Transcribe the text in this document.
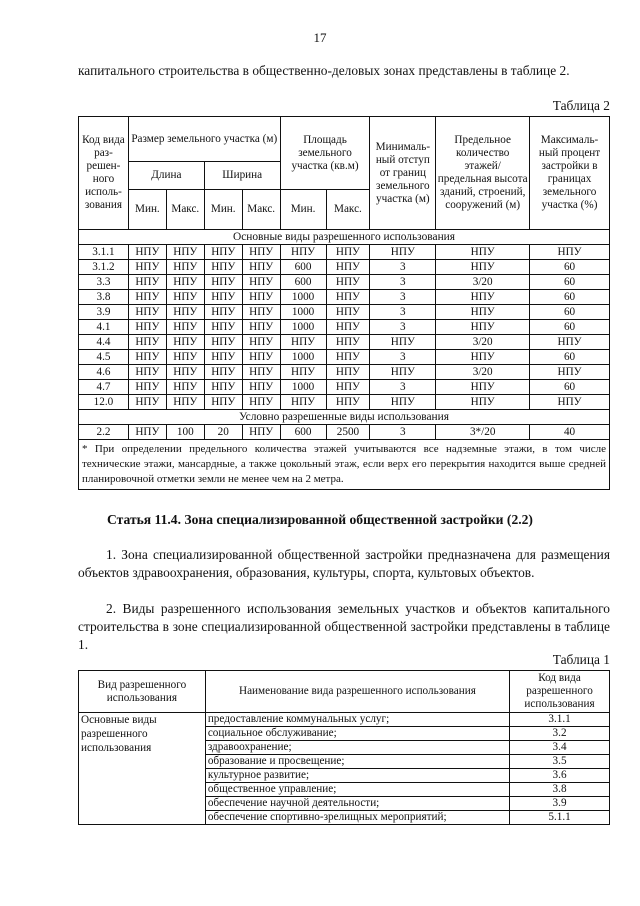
17

капитального строительства в общественно-деловых зонах представлены в таблице 2.

Таблица 2
Код вида раз-решен-ного исполь-зования	Размер земельного участка (м)				Площадь земельного участка (кв.м)		Минималь-ный отступ от границ земельного участка (м)	Предельное количество этажей/ предельная высота зданий, строений, сооружений (м)	Максималь-ный процент застройки в границах земельного участка (%)
	Длина		Ширина						
	Мин.	Макс.	Мин.	Макс.	Мин.	Макс.			
Основные виды разрешенного использования									
3.1.1	НПУ	НПУ	НПУ	НПУ	НПУ	НПУ	НПУ	НПУ	НПУ
3.1.2	НПУ	НПУ	НПУ	НПУ	600	НПУ	3	НПУ	60
3.3	НПУ	НПУ	НПУ	НПУ	600	НПУ	3	3/20	60
3.8	НПУ	НПУ	НПУ	НПУ	1000	НПУ	3	НПУ	60
3.9	НПУ	НПУ	НПУ	НПУ	1000	НПУ	3	НПУ	60
4.1	НПУ	НПУ	НПУ	НПУ	1000	НПУ	3	НПУ	60
4.4	НПУ	НПУ	НПУ	НПУ	НПУ	НПУ	НПУ	3/20	НПУ
4.5	НПУ	НПУ	НПУ	НПУ	1000	НПУ	3	НПУ	60
4.6	НПУ	НПУ	НПУ	НПУ	НПУ	НПУ	НПУ	3/20	НПУ
4.7	НПУ	НПУ	НПУ	НПУ	1000	НПУ	3	НПУ	60
12.0	НПУ	НПУ	НПУ	НПУ	НПУ	НПУ	НПУ	НПУ	НПУ
Условно разрешенные виды использования									
2.2	НПУ	100	20	НПУ	600	2500	3	3*/20	40
* При определении предельного количества этажей учитываются все надземные этажи, в том числе технические этажи, мансардные, а также цокольный этаж, если верх его перекрытия находится выше средней планировочной отметки земли не менее чем на 2 метра.									
Статья 11.4. Зона специализированной общественной застройки (2.2)

1. Зона специализированной общественной застройки предназначена для размещения объектов здравоохранения, образования, культуры, спорта, культовых объектов.

2. Виды разрешенного использования земельных участков и объектов капитального строительства в зоне специализированной общественной застройки представлены в таблице 1.

Таблица 1
Вид разрешенного использования	Наименование вида разрешенного использования	Код вида разрешенного использования
Основные виды разрешенного использования	предоставление коммунальных услуг;	3.1.1
	социальное обслуживание;	3.2
	здравоохранение;	3.4
	образование и просвещение;	3.5
	культурное развитие;	3.6
	общественное управление;	3.8
	обеспечение научной деятельности;	3.9
	обеспечение спортивно-зрелищных мероприятий;	5.1.1
